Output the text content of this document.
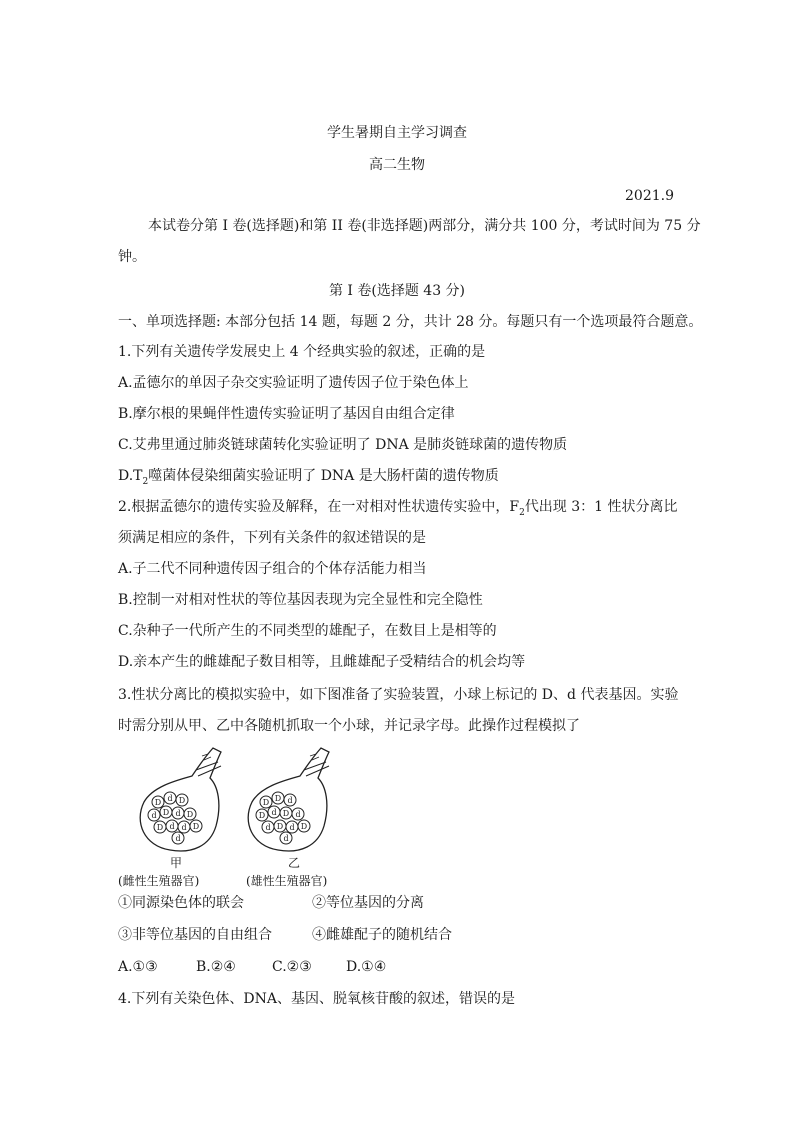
学生暑期自主学习调查
高二生物
2021.9
本试卷分第 I 卷(选择题)和第 II 卷(非选择题)两部分，满分共 100 分，考试时间为 75 分
钟。
第 I 卷(选择题 43 分)
一、单项选择题: 本部分包括 14 题，每题 2 分，共计 28 分。每题只有一个选项最符合题意。
1.下列有关遗传学发展史上 4 个经典实验的叙述，正确的是
A.孟德尔的单因子杂交实验证明了遗传因子位于染色体上
B.摩尔根的果蝇伴性遗传实验证明了基因自由组合定律
C.艾弗里通过肺炎链球菌转化实验证明了 DNA 是肺炎链球菌的遗传物质
$D.T_2$噬菌体侵染细菌实验证明了 DNA 是大肠杆菌的遗传物质
2.根据孟德尔的遗传实验及解释，在一对相对性状遗传实验中，$F_2$代出现 3：1 性状分离比
须满足相应的条件，下列有关条件的叙述错误的是
A.子二代不同种遗传因子组合的个体存活能力相当
B.控制一对相对性状的等位基因表现为完全显性和完全隐性
C.杂种子一代所产生的不同类型的雄配子，在数目上是相等的
D.亲本产生的雌雄配子数目相等，且雌雄配子受精结合的机会均等
3.性状分离比的模拟实验中，如下图准备了实验装置，小球上标记的 D、d 代表基因。实验
时需分别从甲、乙中各随机抓取一个小球，并记录字母。此操作过程模拟了
D d D
d D d D
D d d D
d
D D d
D d D d
d D d D
d
甲
(雌性生殖器官)
乙
(雄性生殖器官)
①同源染色体的联会	②等位基因的分离
③非等位基因的自由组合	④雌雄配子的随机结合
A.①③	B.②④	C.②③ D.①④
4.下列有关染色体、DNA、基因、脱氧核苷酸的叙述，错误的是
